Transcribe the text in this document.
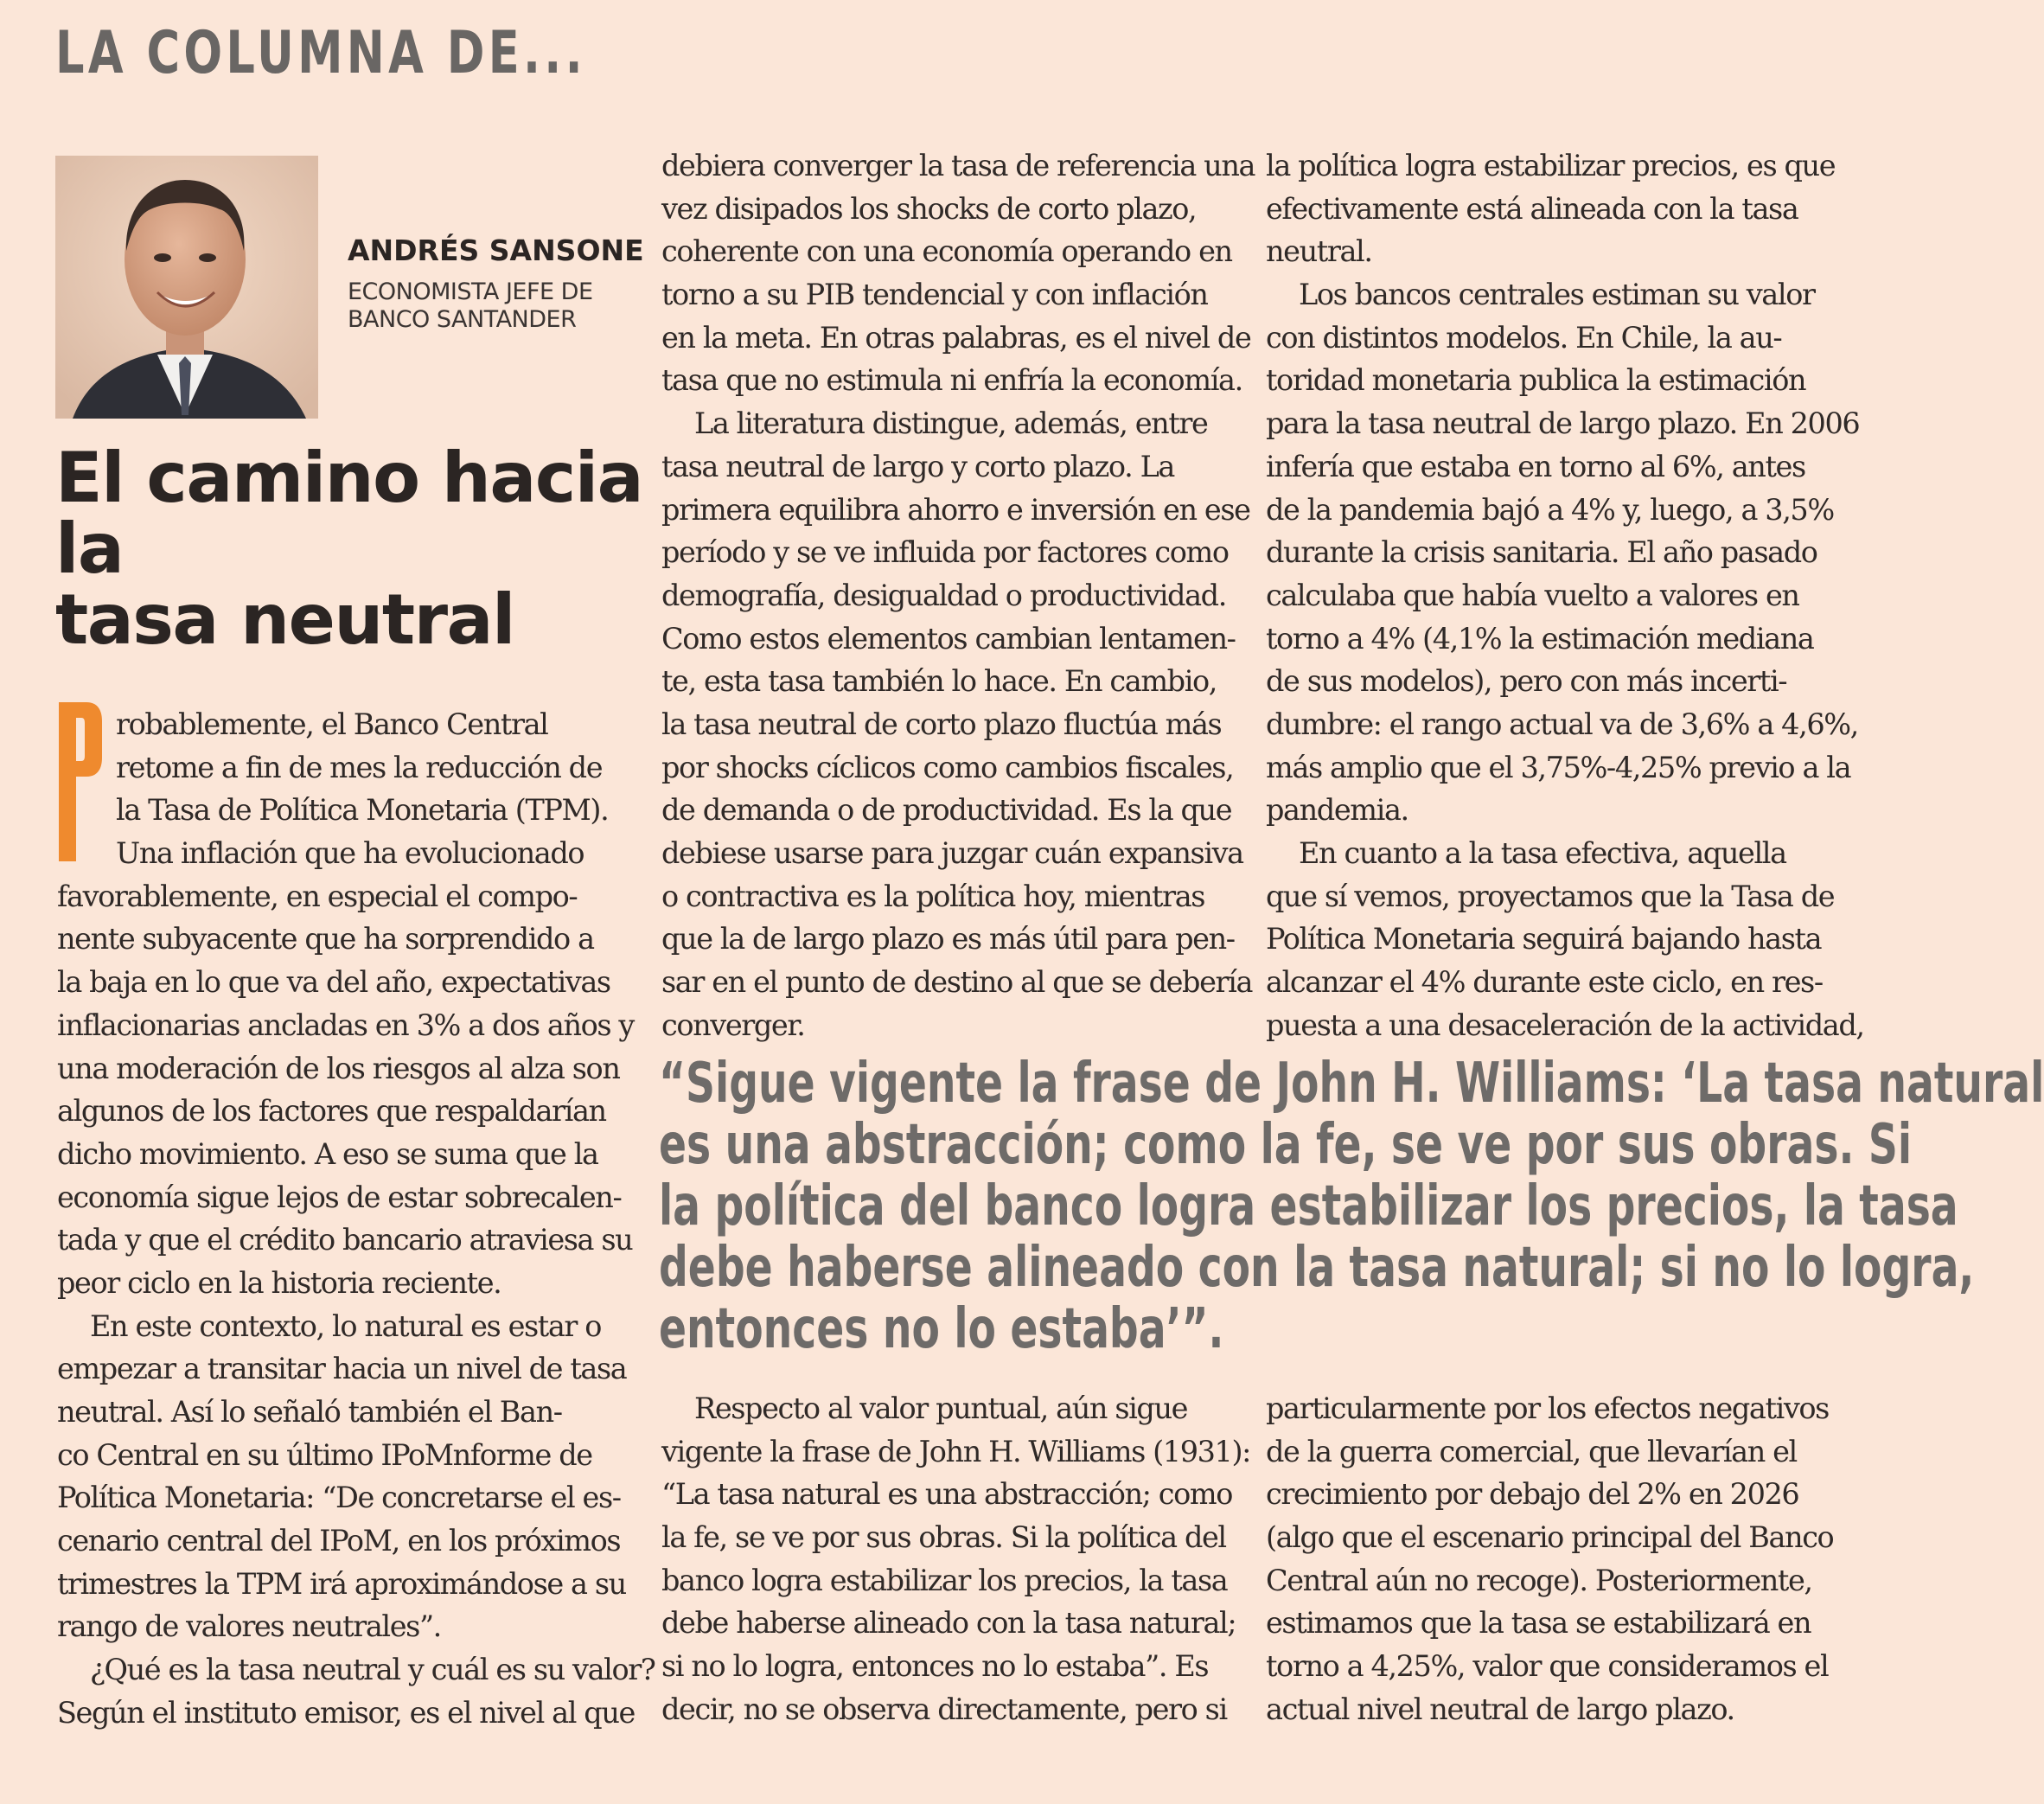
LA COLUMNA DE...
ANDRÉS SANSONE
ECONOMISTA JEFE DE
BANCO SANTANDER
El camino hacia la
tasa neutral
robablemente, el Banco Central
retome a fin de mes la reducción de
la Tasa de Política Monetaria (TPM).
Una inflación que ha evolucionado
favorablemente, en especial el compo-
nente subyacente que ha sorprendido a
la baja en lo que va del año, expectativas
inflacionarias ancladas en 3% a dos años y
una moderación de los riesgos al alza son
algunos de los factores que respaldarían
dicho movimiento. A eso se suma que la
economía sigue lejos de estar sobrecalen-
tada y que el crédito bancario atraviesa su
peor ciclo en la historia reciente.
En este contexto, lo natural es estar o
empezar a transitar hacia un nivel de tasa
neutral. Así lo señaló también el Ban-
co Central en su último IPoMnforme de
Política Monetaria: “De concretarse el es-
cenario central del IPoM, en los próximos
trimestres la TPM irá aproximándose a su
rango de valores neutrales”.
¿Qué es la tasa neutral y cuál es su valor?
Según el instituto emisor, es el nivel al que
debiera converger la tasa de referencia una
vez disipados los shocks de corto plazo,
coherente con una economía operando en
torno a su PIB tendencial y con inflación
en la meta. En otras palabras, es el nivel de
tasa que no estimula ni enfría la economía.
La literatura distingue, además, entre
tasa neutral de largo y corto plazo. La
primera equilibra ahorro e inversión en ese
período y se ve influida por factores como
demografía, desigualdad o productividad.
Como estos elementos cambian lentamen-
te, esta tasa también lo hace. En cambio,
la tasa neutral de corto plazo fluctúa más
por shocks cíclicos como cambios fiscales,
de demanda o de productividad. Es la que
debiese usarse para juzgar cuán expansiva
o contractiva es la política hoy, mientras
que la de largo plazo es más útil para pen-
sar en el punto de destino al que se debería
converger.
la política logra estabilizar precios, es que
efectivamente está alineada con la tasa
neutral.
Los bancos centrales estiman su valor
con distintos modelos. En Chile, la au-
toridad monetaria publica la estimación
para la tasa neutral de largo plazo. En 2006
infería que estaba en torno al 6%, antes
de la pandemia bajó a 4% y, luego, a 3,5%
durante la crisis sanitaria. El año pasado
calculaba que había vuelto a valores en
torno a 4% (4,1% la estimación mediana
de sus modelos), pero con más incerti-
dumbre: el rango actual va de 3,6% a 4,6%,
más amplio que el 3,75%-4,25% previo a la
pandemia.
En cuanto a la tasa efectiva, aquella
que sí vemos, proyectamos que la Tasa de
Política Monetaria seguirá bajando hasta
alcanzar el 4% durante este ciclo, en res-
puesta a una desaceleración de la actividad,
“Sigue vigente la frase de John H. Williams: ‘La tasa natural
es una abstracción; como la fe, se ve por sus obras. Si
la política del banco logra estabilizar los precios, la tasa
debe haberse alineado con la tasa natural; si no lo logra,
entonces no lo estaba’”.
Respecto al valor puntual, aún sigue
vigente la frase de John H. Williams (1931):
“La tasa natural es una abstracción; como
la fe, se ve por sus obras. Si la política del
banco logra estabilizar los precios, la tasa
debe haberse alineado con la tasa natural;
si no lo logra, entonces no lo estaba”. Es
decir, no se observa directamente, pero si
particularmente por los efectos negativos
de la guerra comercial, que llevarían el
crecimiento por debajo del 2% en 2026
(algo que el escenario principal del Banco
Central aún no recoge). Posteriormente,
estimamos que la tasa se estabilizará en
torno a 4,25%, valor que consideramos el
actual nivel neutral de largo plazo.
